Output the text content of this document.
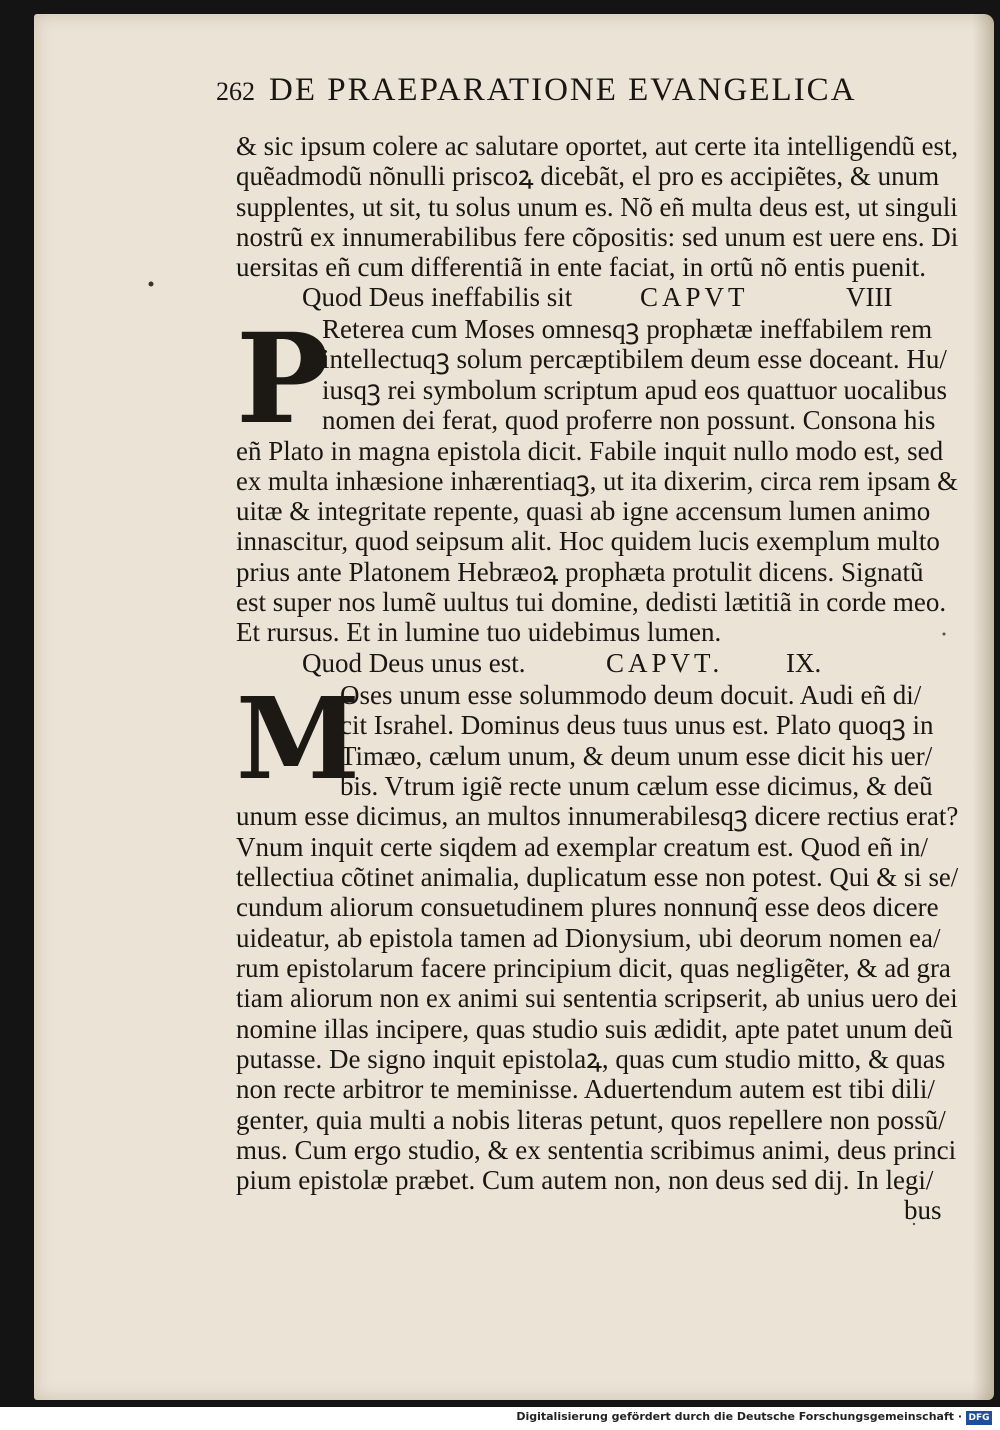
262 DE PRAEPARATIONE EVANGELICA
& sic ipsum colere ac salutare oportet, aut certe ita intelligendũ est,
quẽadmodũ nõnulli priscoꝝ dicebãt, el pro es accipiẽtes, & unum
supplentes, ut sit, tu solus unum es. Nõ eñ multa deus est, ut singuli
nostrũ ex innumerabilibus fere cõpositis: sed unum est uere ens. Di
uersitas eñ cum differentiã in ente faciat, in ortũ nõ entis puenit.
Quod Deus ineffabilis sit	CAPVT	VIII
P
Reterea cum Moses omnesqꝫ prophætæ ineffabilem rem
intellectuqꝫ solum percæptibilem deum esse doceant. Hu/
iusqꝫ rei symbolum scriptum apud eos quattuor uocalibus
nomen dei ferat, quod proferre non possunt. Consona his
eñ Plato in magna epistola dicit. Fabile inquit nullo modo est, sed
ex multa inhæsione inhærentiaqꝫ, ut ita dixerim, circa rem ipsam &
uitæ & integritate repente, quasi ab igne accensum lumen animo
innascitur, quod seipsum alit. Hoc quidem lucis exemplum multo
prius ante Platonem Hebræoꝝ prophæta protulit dicens. Signatũ
est super nos lumẽ uultus tui domine, dedisti lætitiã in corde meo.
Et rursus. Et in lumine tuo uidebimus lumen.
Quod Deus unus est.	CAPVT. IX.
M
Oses unum esse solummodo deum docuit. Audi eñ di/
cit Israhel. Dominus deus tuus unus est. Plato quoqꝫ in
Timæo, cælum unum, & deum unum esse dicit his uer/
bis. Vtrum igiẽ recte unum cælum esse dicimus, & deũ
unum esse dicimus, an multos innumerabilesqꝫ dicere rectius erat?
Vnum inquit certe siqdem ad exemplar creatum est. Quod eñ in/
tellectiua cõtinet animalia, duplicatum esse non potest. Qui & si se/
cundum aliorum consuetudinem plures nonnunq̃ esse deos dicere
uideatur, ab epistola tamen ad Dionysium, ubi deorum nomen ea/
rum epistolarum facere principium dicit, quas negligẽter, & ad gra
tiam aliorum non ex animi sui sententia scripserit, ab unius uero dei
nomine illas incipere, quas studio suis ædidit, apte patet unum deũ
putasse. De signo inquit epistolaꝝ, quas cum studio mitto, & quas
non recte arbitror te meminisse. Aduertendum autem est tibi dili/
genter, quia multi a nobis literas petunt, quos repellere non possũ/
mus. Cum ergo studio, & ex sententia scribimus animi, deus princi
pium epistolæ præbet. Cum autem non, non deus sed dij. In legi/
bus
Digitalisierung gefördert durch die Deutsche Forschungsgemeinschaft · DFG
